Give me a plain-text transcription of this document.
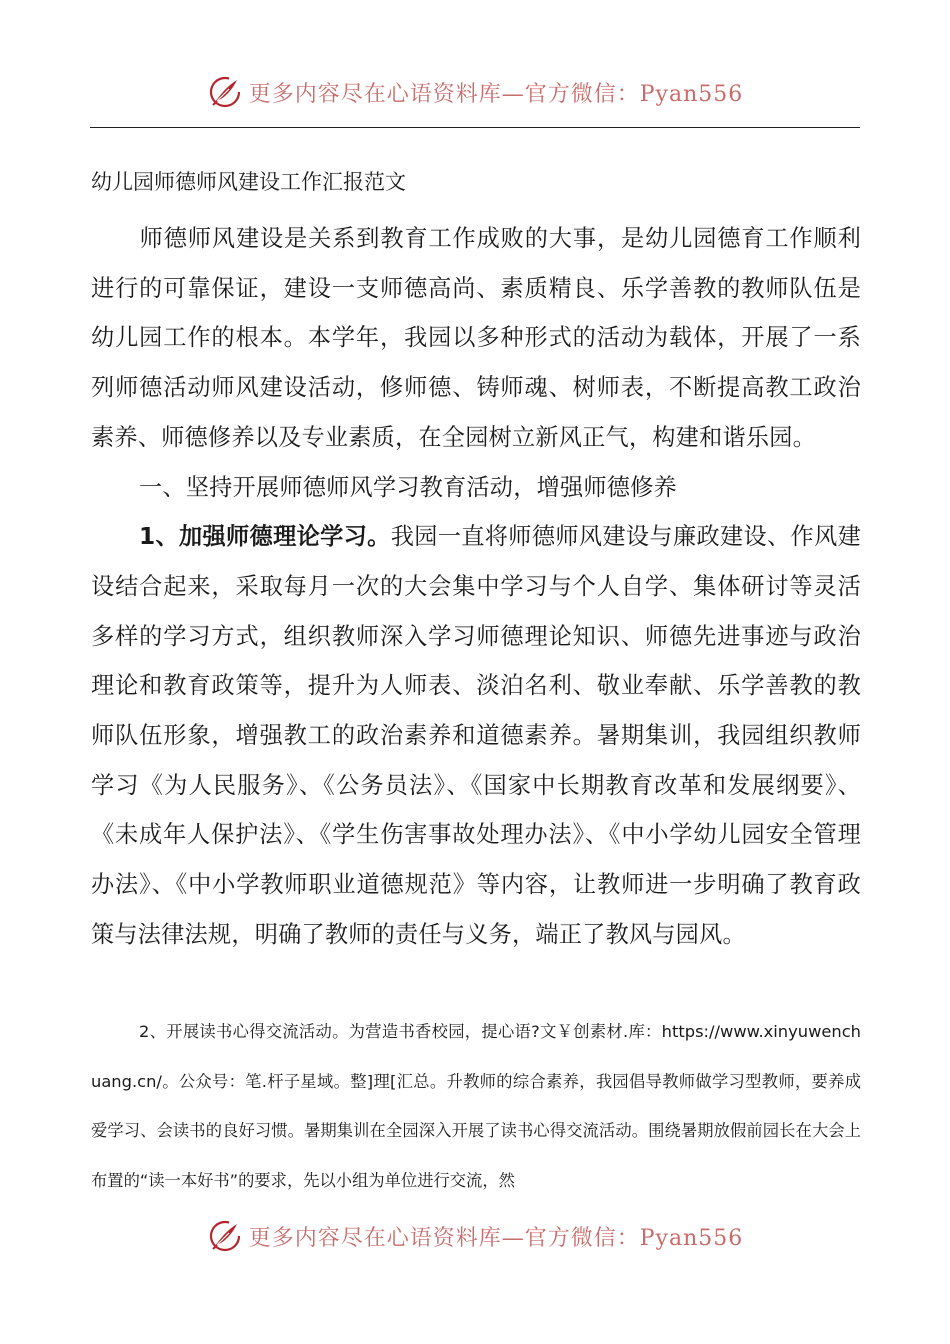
更多内容尽在心语资料库—官方微信：Pyan556
幼儿园师德师风建设工作汇报范文

师德师风建设是关系到教育工作成败的大事，是幼儿园德育工作顺利进行的可靠保证，建设一支师德高尚、素质精良、乐学善教的教师队伍是幼儿园工作的根本。本学年，我园以多种形式的活动为载体，开展了一系列师德活动师风建设活动，修师德、铸师魂、树师表，不断提高教工政治素养、师德修养以及专业素质，在全园树立新风正气，构建和谐乐园。

一、坚持开展师德师风学习教育活动，增强师德修养

1、加强师德理论学习。我园一直将师德师风建设与廉政建设、作风建设结合起来，采取每月一次的大会集中学习与个人自学、集体研讨等灵活多样的学习方式，组织教师深入学习师德理论知识、师德先进事迹与政治理论和教育政策等，提升为人师表、淡泊名利、敬业奉献、乐学善教的教师队伍形象，增强教工的政治素养和道德素养。暑期集训，我园组织教师学习《为人民服务》、《公务员法》、《国家中长期教育改革和发展纲要》、《未成年人保护法》、《学生伤害事故处理办法》、《中小学幼儿园安全管理办法》、《中小学教师职业道德规范》等内容，让教师进一步明确了教育政策与法律法规，明确了教师的责任与义务，端正了教风与园风。

2、开展读书心得交流活动。为营造书香校园，提心语?文￥创素材.库：https://www.xinyuwenchuang.cn/。公众号：笔.杆子星域。整]理[汇总。升教师的综合素养，我园倡导教师做学习型教师，要养成爱学习、会读书的良好习惯。暑期集训在全园深入开展了读书心得交流活动。围绕暑期放假前园长在大会上布置的“读一本好书”的要求，先以小组为单位进行交流，然

更多内容尽在心语资料库—官方微信：Pyan556
